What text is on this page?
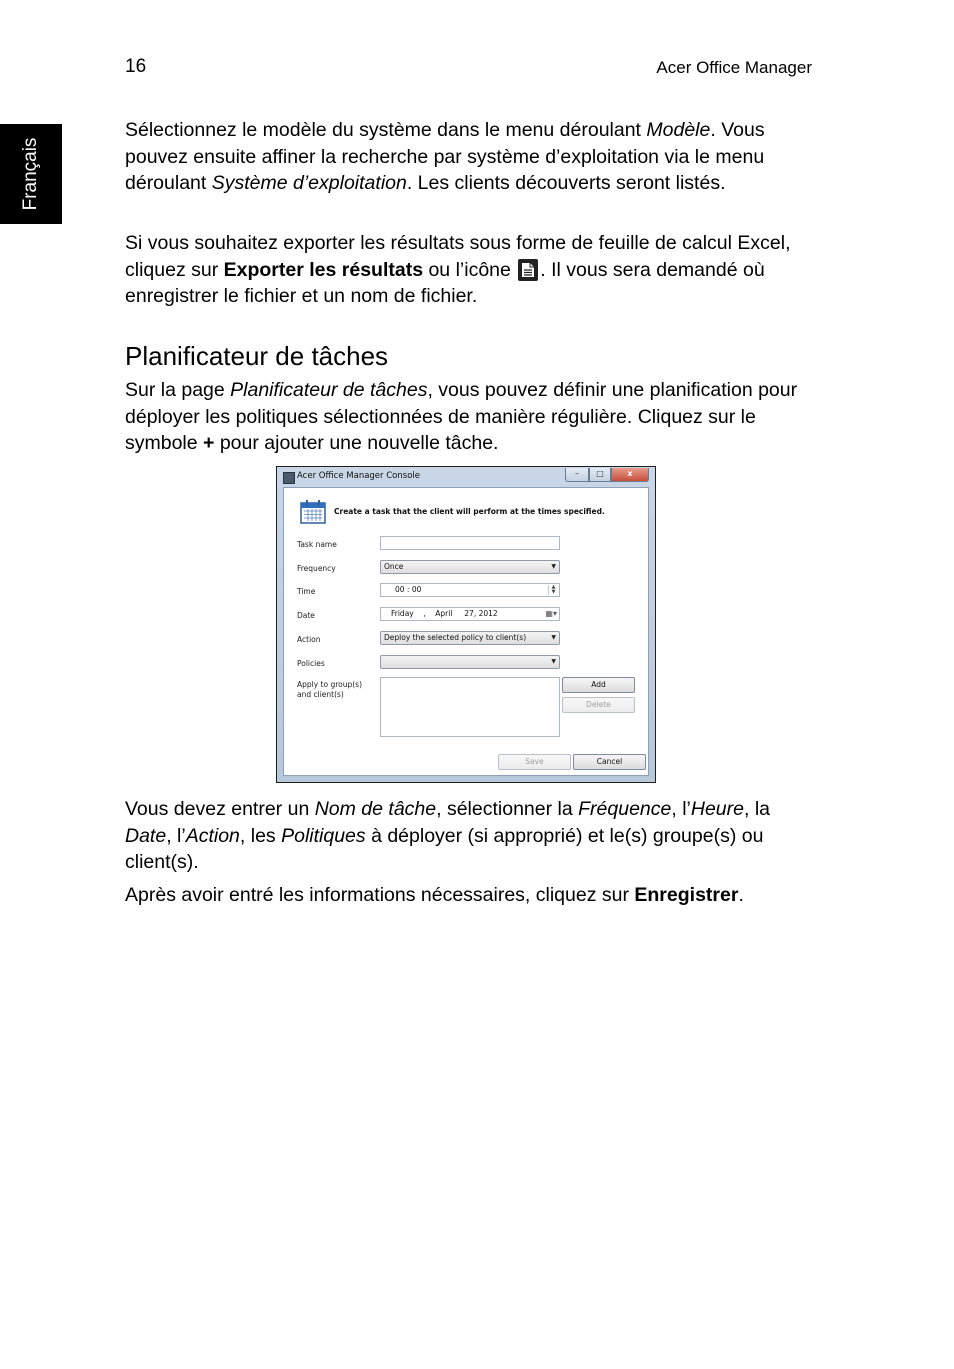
16	Acer Office Manager
Français

Sélectionnez le modèle du système dans le menu déroulant Modèle. Vous pouvez ensuite affiner la recherche par système d’exploitation via le menu déroulant Système d’exploitation. Les clients découverts seront listés.

Si vous souhaitez exporter les résultats sous forme de feuille de calcul Excel, cliquez sur Exporter les résultats ou l’icône
. Il vous sera demandé où enregistrer le fichier et un nom de fichier.

Planificateur de tâches

Sur la page Planificateur de tâches, vous pouvez définir une planification pour déployer les politiques sélectionnées de manière régulière. Cliquez sur le symbole + pour ajouter une nouvelle tâche.

Acer Office Manager Console	–	□	x
Create a task that the client will perform at the times specified.
Task name
Frequency	Once	▼
Time	00 : 00	▲
▼
Date	Friday , April     27, 2012	▦▾
Action	Deploy the selected policy to client(s)	▼
Policies	▼
Apply to group(s)
and client(s)
Add
Delete
Save	Cancel

Vous devez entrer un Nom de tâche, sélectionner la Fréquence, l’Heure, la Date, l’Action, les Politiques à déployer (si approprié) et le(s) groupe(s) ou client(s).

Après avoir entré les informations nécessaires, cliquez sur Enregistrer.
